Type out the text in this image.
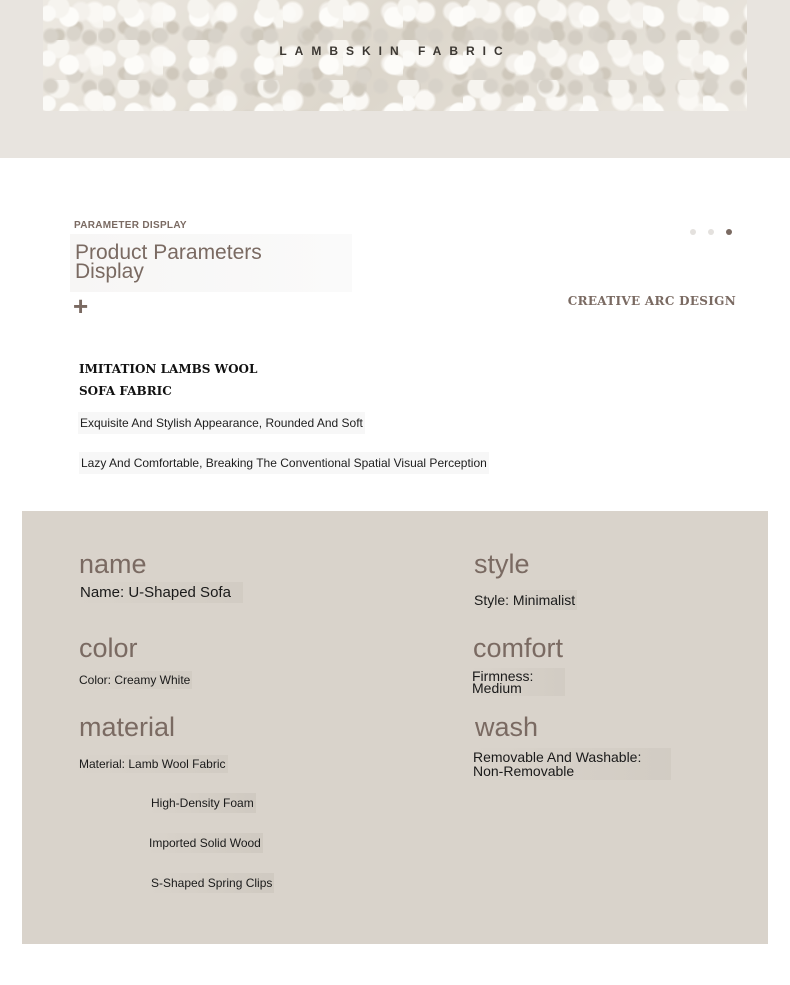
LAMBSKIN FABRIC
PARAMETER DISPLAY
Product Parameters Display
+	CREATIVE ARC DESIGN
IMITATION LAMBS WOOL
SOFA FABRIC
Exquisite And Stylish Appearance, Rounded And Soft
Lazy And Comfortable, Breaking The Conventional Spatial Visual Perception
name
Name: U-Shaped Sofa
color
Color: Creamy White
material
Material: Lamb Wool Fabric
High-Density Foam
Imported Solid Wood
S-Shaped Spring Clips
style
Style: Minimalist
comfort
Firmness: Medium
wash
Removable And Washable: Non-Removable
